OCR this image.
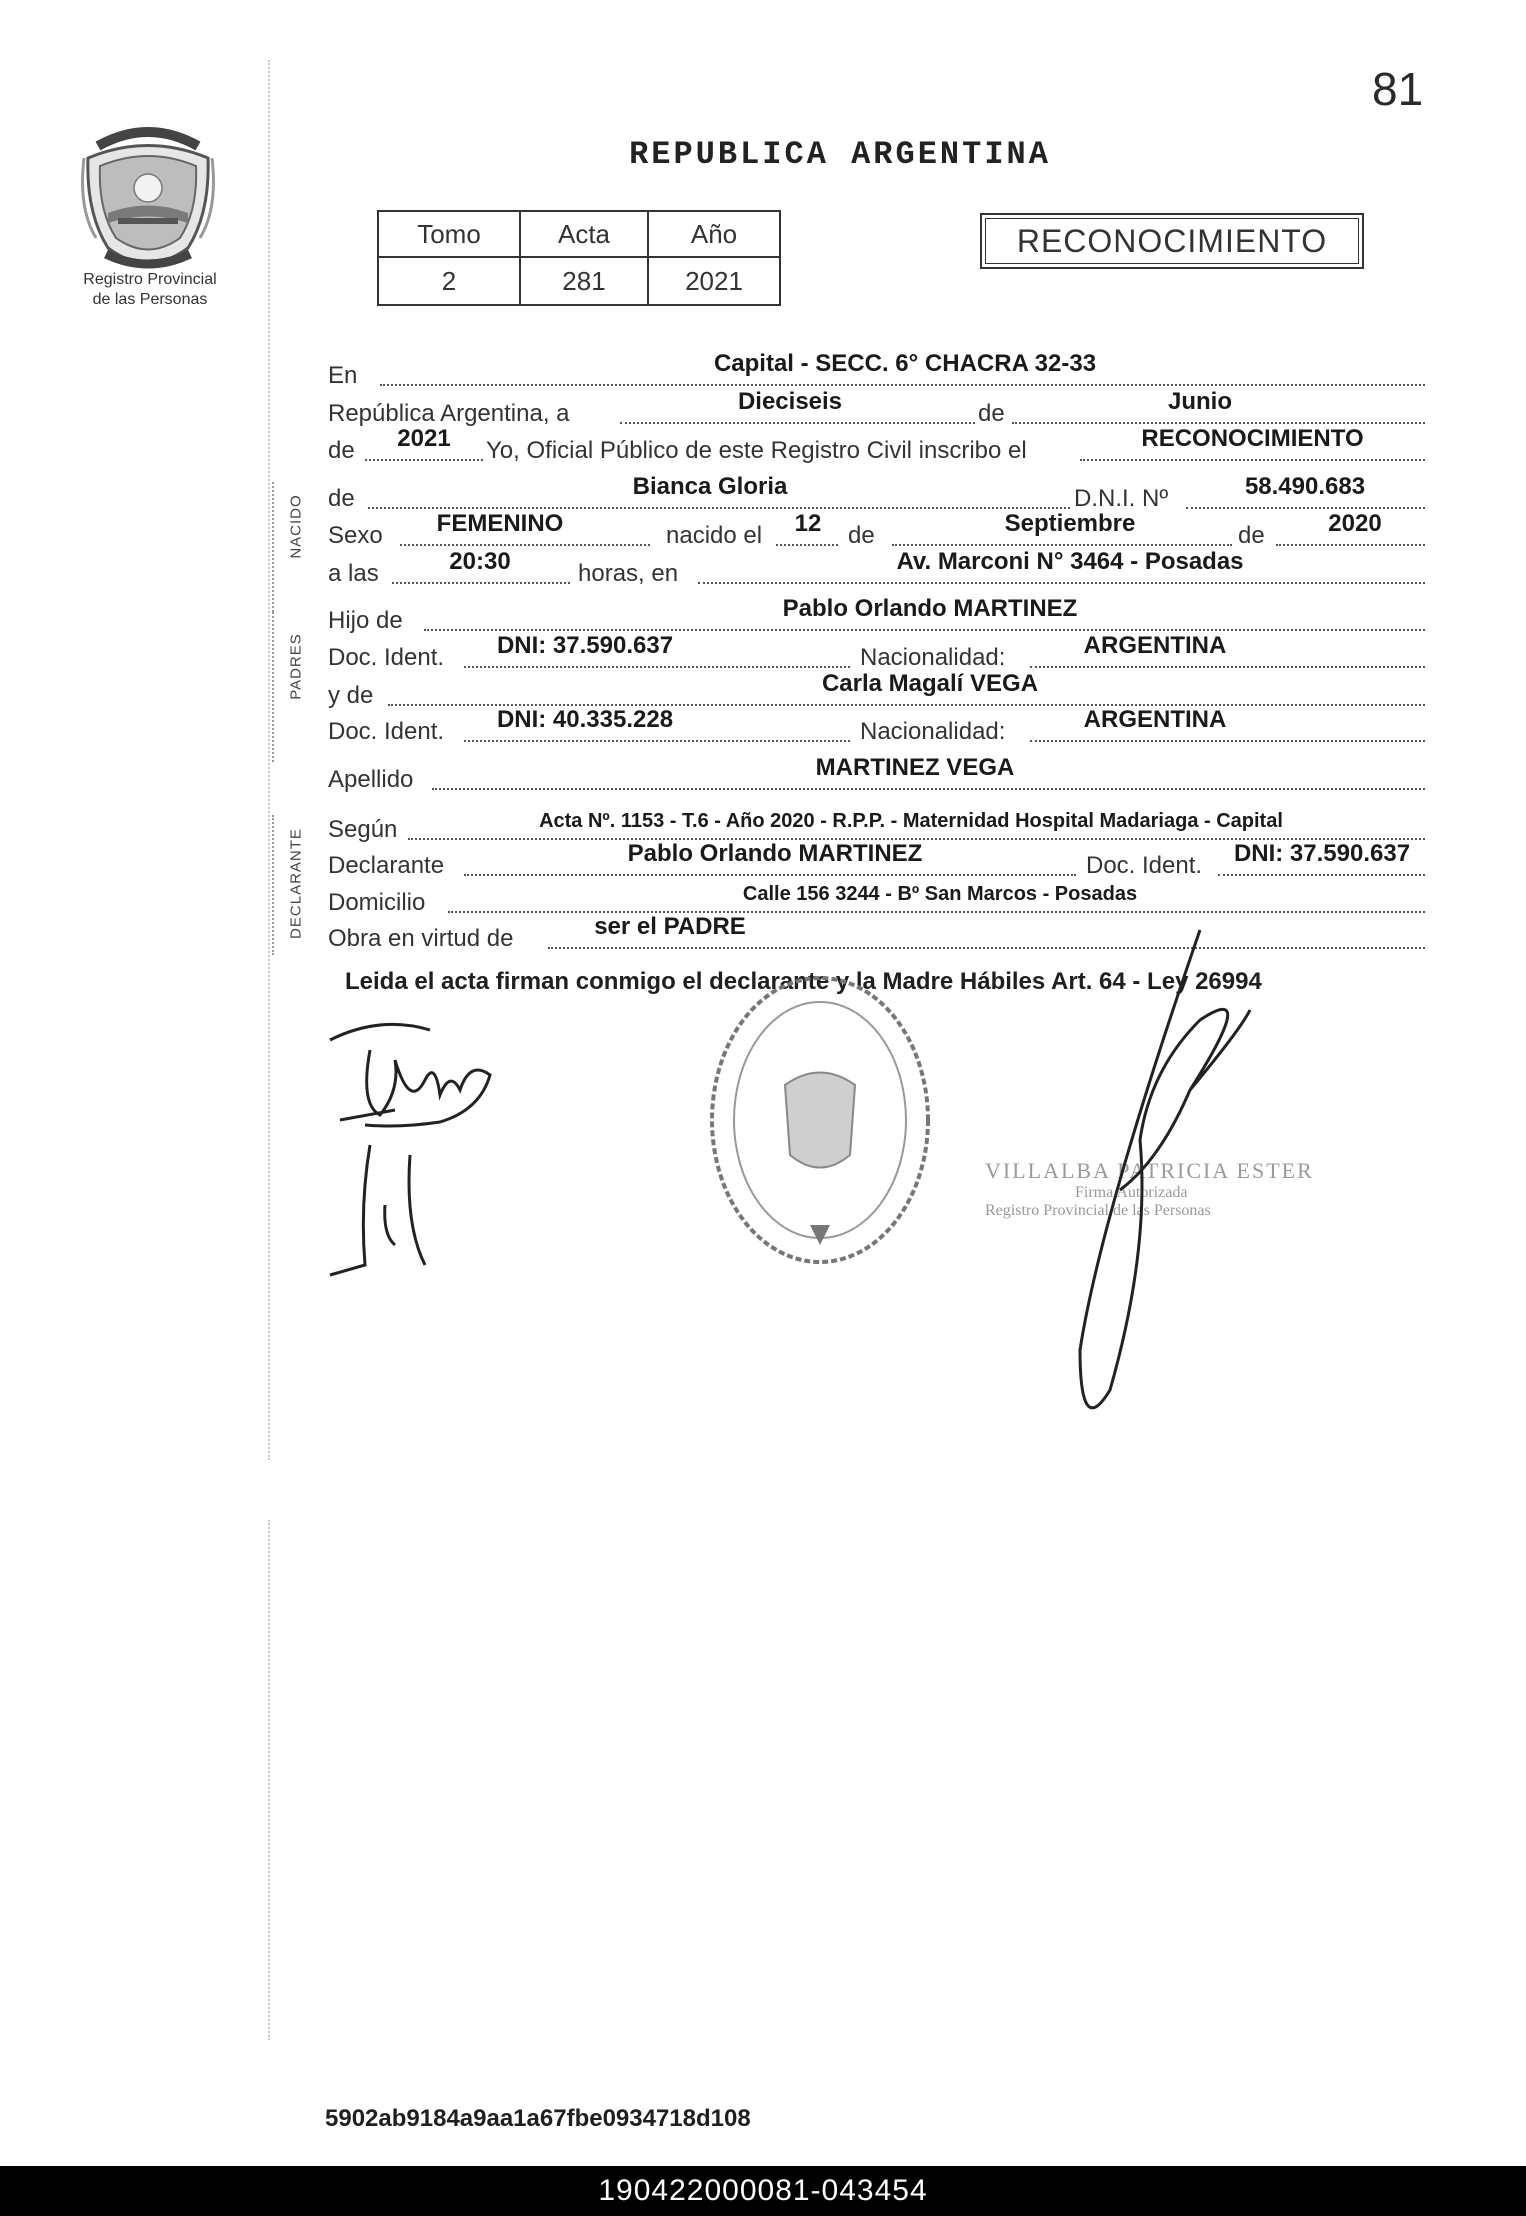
81
Registro Provincial
de las Personas
REPUBLICA ARGENTINA
Tomo	Acta	Año
2	281	2021
RECONOCIMIENTO
En	Capital - SECC. 6° CHACRA 32-33
República Argentina, a	Dieciseis	de	Junio
de	2021	Yo, Oficial Público de este Registro Civil inscribo el	RECONOCIMIENTO
NACIDO de	Bianca Gloria	D.N.I. Nº	58.490.683
Sexo	FEMENINO	nacido el	12	de	Septiembre	de	2020
a las	20:30	horas, en	Av. Marconi N° 3464 - Posadas
PADRES
Hijo de	Pablo Orlando MARTINEZ
Doc. Ident.	DNI: 37.590.637	Nacionalidad:	ARGENTINA
y de	Carla Magalí VEGA
Doc. Ident.	DNI: 40.335.228	Nacionalidad:	ARGENTINA
Apellido	MARTINEZ VEGA
DECLARANTE Según	Acta Nº. 1153 - T.6 - Año 2020 - R.P.P. - Maternidad Hospital Madariaga - Capital
Declarante	Pablo Orlando MARTINEZ	Doc. Ident.	DNI: 37.590.637
Domicilio	Calle 156 3244 - Bº San Marcos - Posadas
Obra en virtud de	ser el PADRE
Leida el acta firman conmigo el declarante y la Madre Hábiles Art. 64 - Ley 26994
VILLALBA PATRICIA ESTER
Firma Autorizada
Registro Provincial de las Personas
5902ab9184a9aa1a67fbe0934718d108
190422000081-043454
